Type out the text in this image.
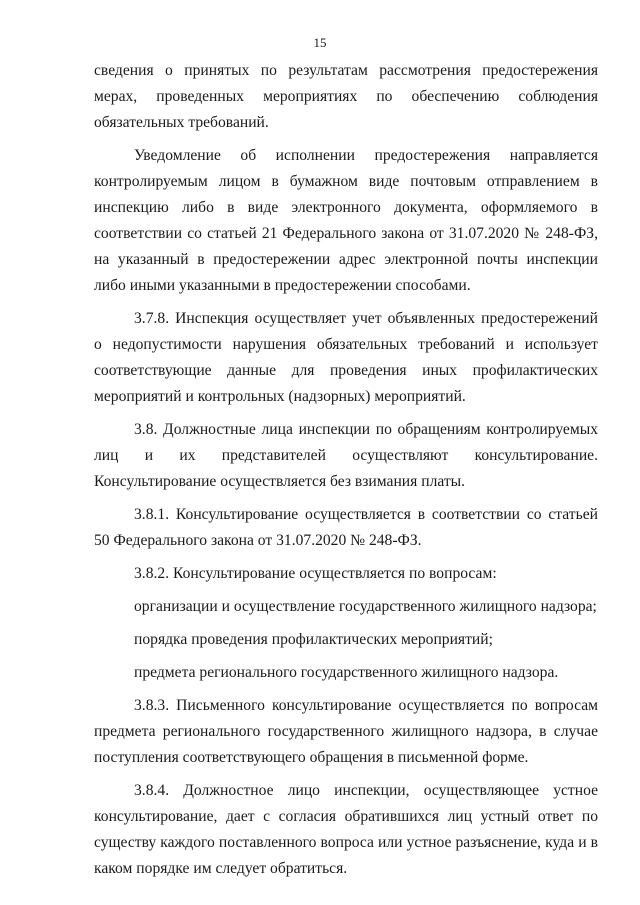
15

сведения о принятых по результатам рассмотрения предостережения мерах, проведенных мероприятиях по обеспечению соблюдения обязательных требований.

Уведомление об исполнении предостережения направляется контролируемым лицом в бумажном виде почтовым отправлением в инспекцию либо в виде электронного документа, оформляемого в соответствии со статьей 21 Федерального закона от 31.07.2020 № 248-ФЗ, на указанный в предостережении адрес электронной почты инспекции либо иными указанными в предостережении способами.

3.7.8. Инспекция осуществляет учет объявленных предостережений о недопустимости нарушения обязательных требований и использует соответствующие данные для проведения иных профилактических мероприятий и контрольных (надзорных) мероприятий.

3.8. Должностные лица инспекции по обращениям контролируемых лиц и их представителей осуществляют консультирование. Консультирование осуществляется без взимания платы.

3.8.1. Консультирование осуществляется в соответствии со статьей 50 Федерального закона от 31.07.2020 № 248-ФЗ.

3.8.2. Консультирование осуществляется по вопросам:

организации и осуществление государственного жилищного надзора;

порядка проведения профилактических мероприятий;

предмета регионального государственного жилищного надзора.

3.8.3. Письменного консультирование осуществляется по вопросам предмета регионального государственного жилищного надзора, в случае поступления соответствующего обращения в письменной форме.

3.8.4. Должностное лицо инспекции, осуществляющее устное консультирование, дает с согласия обратившихся лиц устный ответ по существу каждого поставленного вопроса или устное разъяснение, куда и в каком порядке им следует обратиться.
